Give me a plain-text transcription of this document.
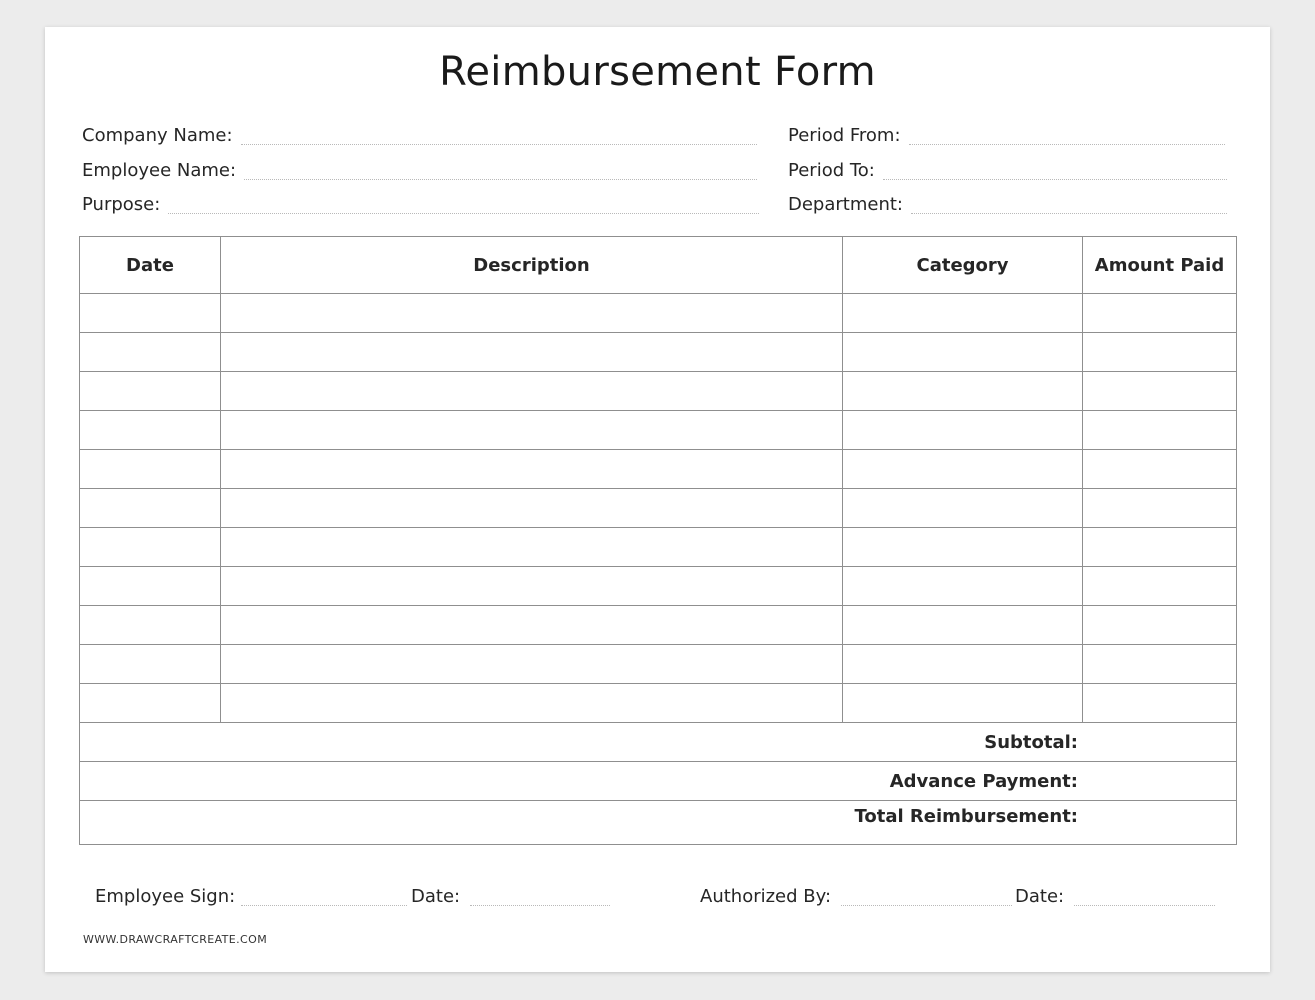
Reimbursement Form
Company Name:
Employee Name:
Purpose:
Period From:
Period To:
Department:
Date	Description	Category	Amount Paid

Subtotal:			
Advance Payment:			
Total Reimbursement:			
Employee Sign:	Date:	Authorized By:	Date:
WWW.DRAWCRAFTCREATE.COM
